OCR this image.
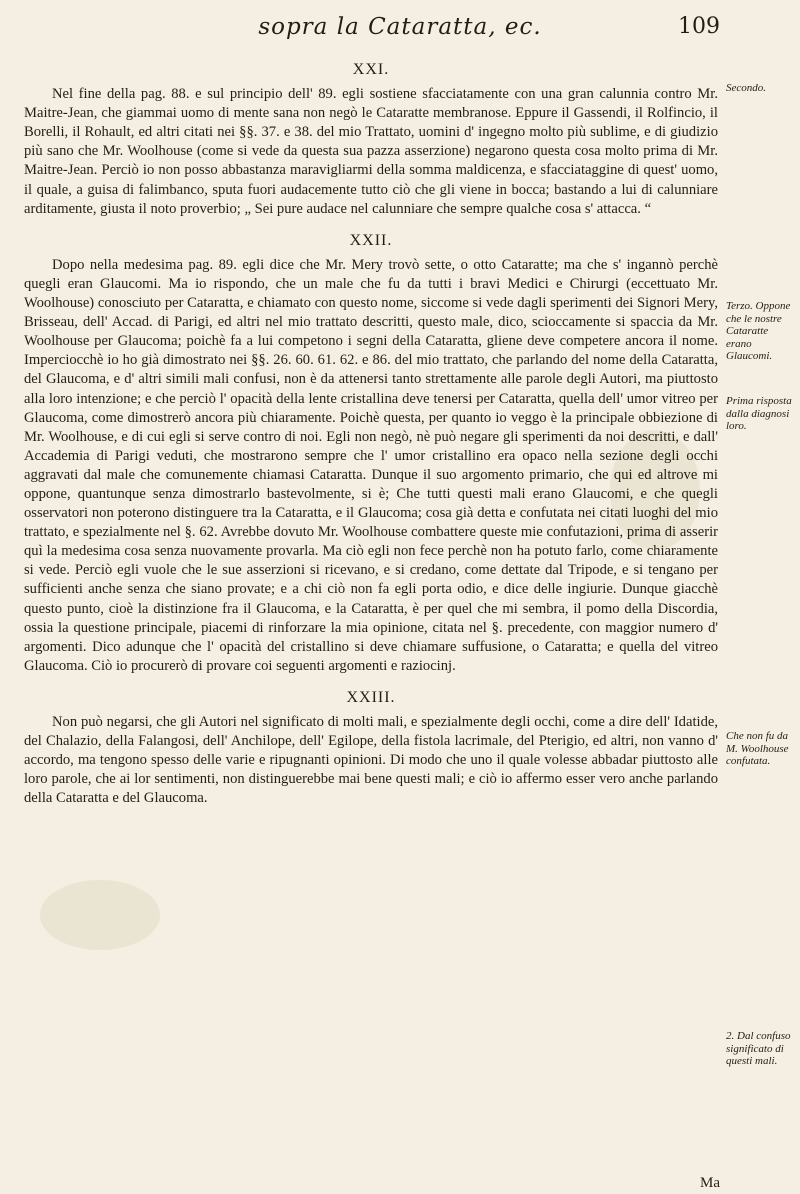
sopra la Cataratta, ec.	109
XXI.

Nel fine della pag. 88. e sul principio dell' 89. egli sostiene sfacciatamente con una gran calunnia contro Mr. Maitre-Jean, che giammai uomo di mente sana non negò le Cataratte membranose. Eppure il Gassendi, il Rolfincio, il Borelli, il Rohault, ed altri citati nei §§. 37. e 38. del mio Trattato, uomini d' ingegno molto più sublime, e di giudizio più sano che Mr. Woolhouse (come si vede da questa sua pazza asserzione) negarono questa cosa molto prima di Mr. Maitre-Jean. Perciò io non posso abbastanza maravigliarmi della somma maldicenza, e sfacciataggine di quest' uomo, il quale, a guisa di falimbanco, sputa fuori audacemente tutto ciò che gli viene in bocca; bastando a lui di calunniare arditamente, giusta il noto proverbio; „ Sei pure audace nel calunniare che sempre qualche cosa s' attacca. “

XXII.

Dopo nella medesima pag. 89. egli dice che Mr. Mery trovò sette, o otto Cataratte; ma che s' ingannò perchè quegli eran Glaucomi. Ma io rispondo, che un male che fu da tutti i bravi Medici e Chirurgi (eccettuato Mr. Woolhouse) conosciuto per Cataratta, e chiamato con questo nome, siccome si vede dagli sperimenti dei Signori Mery, Brisseau, dell' Accad. di Parigi, ed altri nel mio trattato descritti, questo male, dico, scioccamente si spaccia da Mr. Woolhouse per Glaucoma; poichè fa a lui competono i segni della Cataratta, gliene deve competere ancora il nome. Imperciocchè io ho già dimostrato nei §§. 26. 60. 61. 62. e 86. del mio trattato, che parlando del nome della Cataratta, del Glaucoma, e d' altri simili mali confusi, non è da attenersi tanto strettamente alle parole degli Autori, ma piuttosto alla loro intenzione; e che perciò l' opacità della lente cristallina deve tenersi per Cataratta, quella dell' umor vitreo per Glaucoma, come dimostrerò ancora più chiaramente. Poichè questa, per quanto io veggo è la principale obbiezione di Mr. Woolhouse, e di cui egli si serve contro di noi. Egli non negò, nè può negare gli sperimenti da noi descritti, e dall' Accademia di Parigi veduti, che mostrarono sempre che l' umor cristallino era opaco nella sezione degli occhi aggravati dal male che comunemente chiamasi Cataratta. Dunque il suo argomento primario, che qui ed altrove mi oppone, quantunque senza dimostrarlo bastevolmente, si è; Che tutti questi mali erano Glaucomi, e che quegli osservatori non poterono distinguere tra la Cataratta, e il Glaucoma; cosa già detta e confutata nei citati luoghi del mio trattato, e spezialmente nel §. 62. Avrebbe dovuto Mr. Woolhouse combattere queste mie confutazioni, prima di asserir quì la medesima cosa senza nuovamente provarla. Ma ciò egli non fece perchè non ha potuto farlo, come chiaramente si vede. Perciò egli vuole che le sue asserzioni si ricevano, e si credano, come dettate dal Tripode, e si tengano per sufficienti anche senza che siano provate; e a chi ciò non fa egli porta odio, e dice delle ingiurie. Dunque giacchè questo punto, cioè la distinzione fra il Glaucoma, e la Cataratta, è per quel che mi sembra, il pomo della Discordia, ossia la questione principale, piacemi di rinforzare la mia opinione, citata nel §. precedente, con maggior numero d' argomenti. Dico adunque che l' opacità del cristallino si deve chiamare suffusione, o Cataratta; e quella del vitreo Glaucoma. Ciò io procurerò di provare coi seguenti argomenti e raziocinj.

XXIII.

Non può negarsi, che gli Autori nel significato di molti mali, e spezialmente degli occhi, come a dire dell' Idatide, del Chalazio, della Falangosi, dell' Anchilope, dell' Egilope, della fistola lacrimale, del Pterigio, ed altri, non vanno d' accordo, ma tengono spesso delle varie e ripugnanti opinioni. Di modo che uno il quale volesse abbadar piuttosto alle loro parole, che ai lor sentimenti, non distinguerebbe mai bene questi mali; e ciò io affermo esser vero anche parlando della Cataratta e del Glaucoma.

Secondo.
Terzo. Oppone che le nostre Cataratte erano Glaucomi.
Prima risposta dalla diagnosi loro.
Che non fu da M. Woolhouse confutata.
2. Dal confuso significato di questi mali.
Ma
